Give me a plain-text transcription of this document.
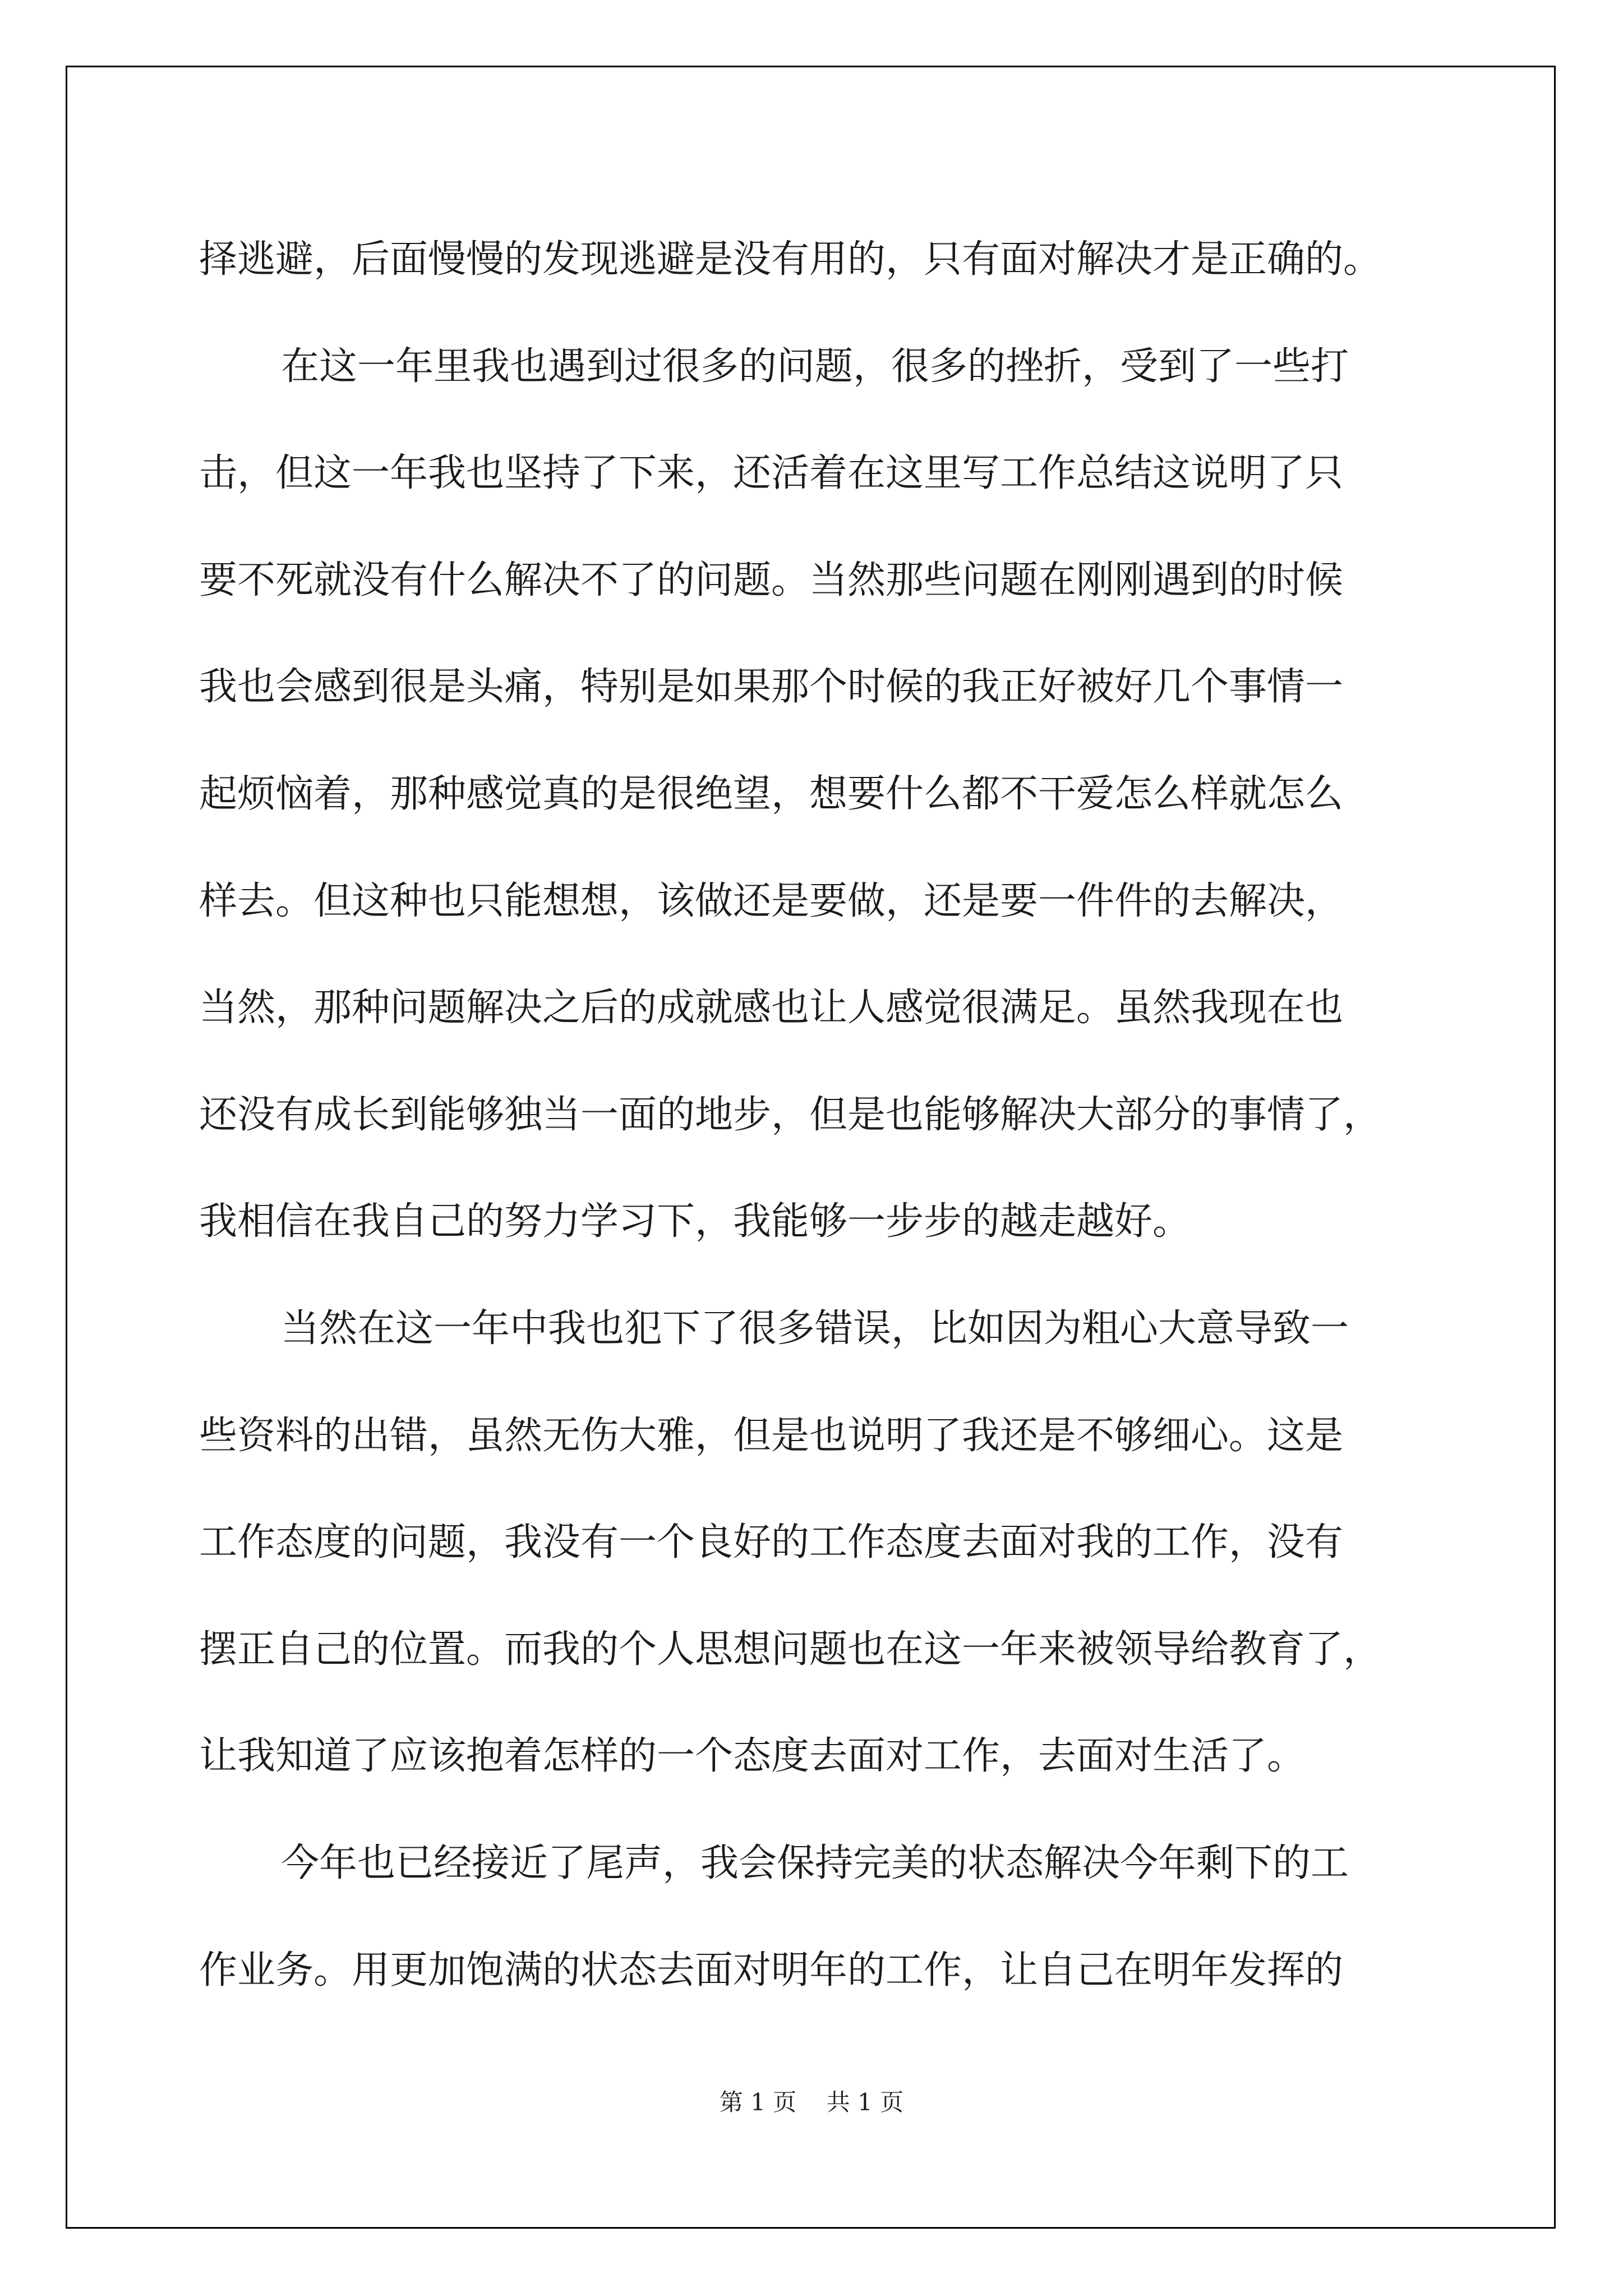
择逃避，后面慢慢的发现逃避是没有用的，只有面对解决才是正确的。
在这一年里我也遇到过很多的问题，很多的挫折，受到了一些打
击，但这一年我也坚持了下来，还活着在这里写工作总结这说明了只
要不死就没有什么解决不了的问题。当然那些问题在刚刚遇到的时候
我也会感到很是头痛，特别是如果那个时候的我正好被好几个事情一
起烦恼着，那种感觉真的是很绝望，想要什么都不干爱怎么样就怎么
样去。但这种也只能想想，该做还是要做，还是要一件件的去解决，
当然，那种问题解决之后的成就感也让人感觉很满足。虽然我现在也
还没有成长到能够独当一面的地步，但是也能够解决大部分的事情了，
我相信在我自己的努力学习下，我能够一步步的越走越好。
当然在这一年中我也犯下了很多错误，比如因为粗心大意导致一
些资料的出错，虽然无伤大雅，但是也说明了我还是不够细心。这是
工作态度的问题，我没有一个良好的工作态度去面对我的工作，没有
摆正自己的位置。而我的个人思想问题也在这一年来被领导给教育了，
让我知道了应该抱着怎样的一个态度去面对工作，去面对生活了。
今年也已经接近了尾声，我会保持完美的状态解决今年剩下的工
作业务。用更加饱满的状态去面对明年的工作，让自己在明年发挥的
第 1 页    共 1 页
